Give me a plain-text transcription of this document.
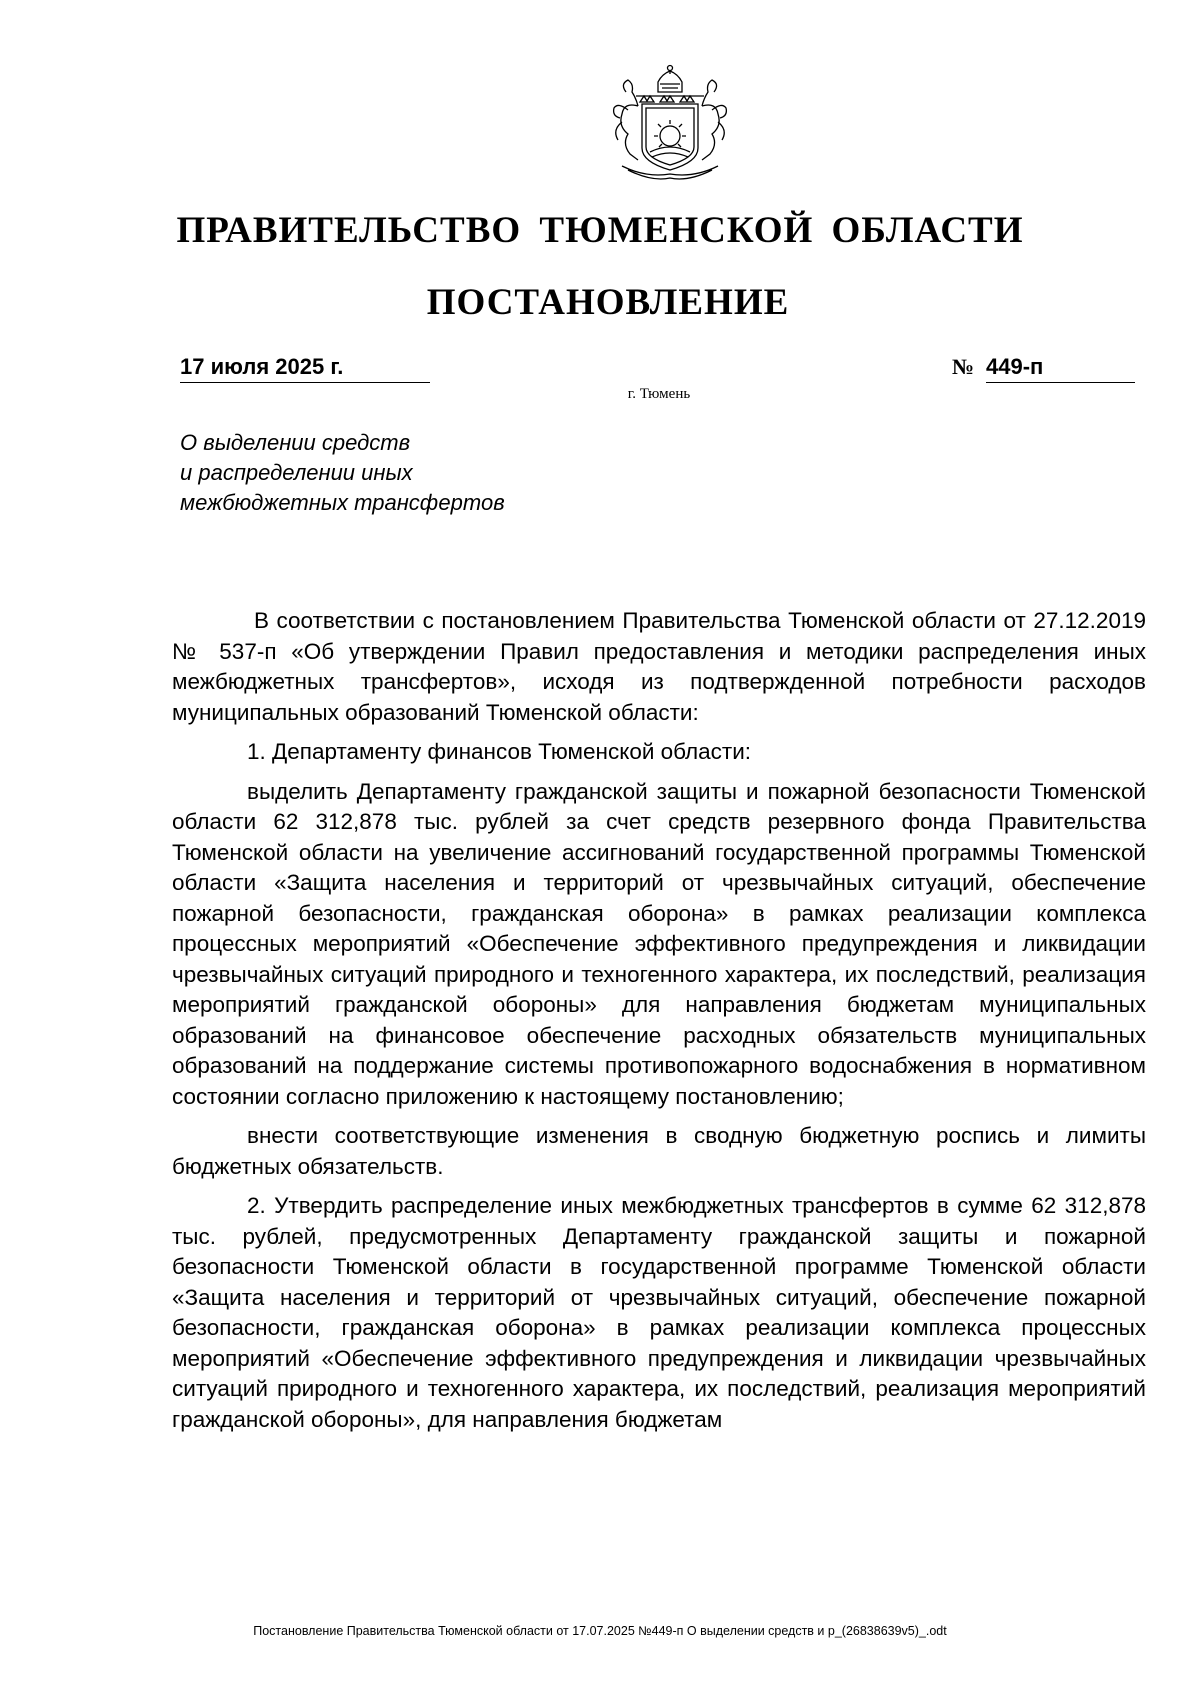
ПРАВИТЕЛЬСТВО ТЮМЕНСКОЙ ОБЛАСТИ
ПОСТАНОВЛЕНИЕ
17 июля 2025 г.	№ 449-п
г. Тюмень
О выделении средств
и распределении иных
межбюджетных трансфертов

В соответствии с постановлением Правительства Тюменской области от 27.12.2019 № 537-п «Об утверждении Правил предоставления и методики распределения иных межбюджетных трансфертов», исходя из подтвержденной потребности расходов муниципальных образований Тюменской области:

1. Департаменту финансов Тюменской области:

выделить Департаменту гражданской защиты и пожарной безопасности Тюменской области 62 312,878 тыс. рублей за счет средств резервного фонда Правительства Тюменской области на увеличение ассигнований государственной программы Тюменской области «Защита населения и территорий от чрезвычайных ситуаций, обеспечение пожарной безопасности, гражданская оборона» в рамках реализации комплекса процессных мероприятий «Обеспечение эффективного предупреждения и ликвидации чрезвычайных ситуаций природного и техногенного характера, их последствий, реализация мероприятий гражданской обороны» для направления бюджетам муниципальных образований на финансовое обеспечение расходных обязательств муниципальных образований на поддержание системы противопожарного водоснабжения в нормативном состоянии согласно приложению к настоящему постановлению;

внести соответствующие изменения в сводную бюджетную роспись и лимиты бюджетных обязательств.

2. Утвердить распределение иных межбюджетных трансфертов в сумме 62 312,878 тыс. рублей, предусмотренных Департаменту гражданской защиты и пожарной безопасности Тюменской области в государственной программе Тюменской области «Защита населения и территорий от чрезвычайных ситуаций, обеспечение пожарной безопасности, гражданская оборона» в рамках реализации комплекса процессных мероприятий «Обеспечение эффективного предупреждения и ликвидации чрезвычайных ситуаций природного и техногенного характера, их последствий, реализация мероприятий гражданской обороны», для направления бюджетам

Постановление Правительства Тюменской области от 17.07.2025 №449-п О выделении средств и р_(26838639v5)_.odt
